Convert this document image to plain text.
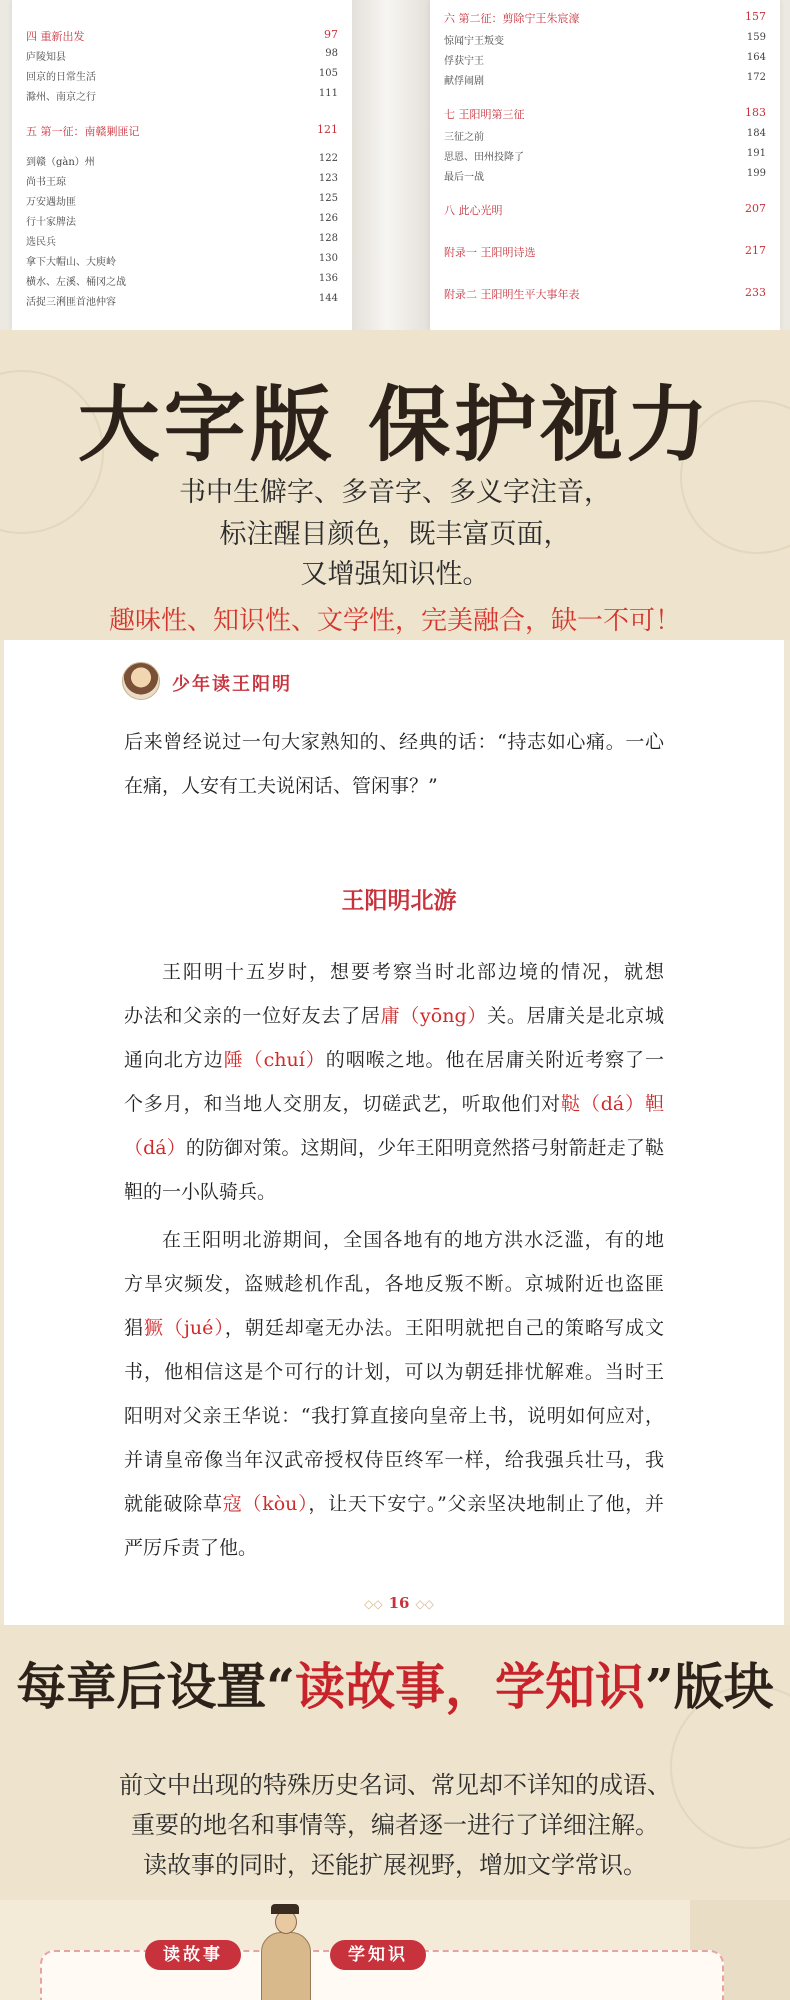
四 重新出发	97
庐陵知县	98
回京的日常生活	105
滁州、南京之行	111
五 第一征：南赣剿匪记	121
到赣（gàn）州	122
尚书王琼	123
万安遇劫匪	125
行十家牌法	126
选民兵	128
拿下大帽山、大庾岭	130
横水、左溪、桶冈之战	136
活捉三浰匪首池仲容	144
六 第二征：剪除宁王朱宸濠	157
惊闻宁王叛变	159
俘获宁王	164
献俘闹剧	172
七 王阳明第三征	183
三征之前	184
思恩、田州投降了	191
最后一战	199
八 此心光明	207
附录一 王阳明诗选	217
附录二 王阳明生平大事年表	233
大字版 保护视力
书中生僻字、多音字、多义字注音，
标注醒目颜色，既丰富页面，
又增强知识性。
趣味性、知识性、文学性，完美融合，缺一不可！
少年读王阳明
后来曾经说过一句大家熟知的、经典的话：“持志如心痛。一心
在痛，人安有工夫说闲话、管闲事？”
王阳明北游
王阳明十五岁时，想要考察当时北部边境的情况，就想
办法和父亲的一位好友去了居庸（yōng）关。居庸关是北京城
通向北方边陲（chuí）的咽喉之地。他在居庸关附近考察了一
个多月，和当地人交朋友，切磋武艺，听取他们对鞑（dá）靼
（dá）的防御对策。这期间，少年王阳明竟然搭弓射箭赶走了鞑
靼的一小队骑兵。
在王阳明北游期间，全国各地有的地方洪水泛滥，有的地
方旱灾频发，盗贼趁机作乱，各地反叛不断。京城附近也盗匪
猖獗（jué），朝廷却毫无办法。王阳明就把自己的策略写成文
书，他相信这是个可行的计划，可以为朝廷排忧解难。当时王
阳明对父亲王华说：“我打算直接向皇帝上书，说明如何应对，
并请皇帝像当年汉武帝授权侍臣终军一样，给我强兵壮马，我
就能破除草寇（kòu），让天下安宁。”父亲坚决地制止了他，并
严厉斥责了他。
◇◇ 16 ◇◇
每章后设置“读故事，学知识”版块
前文中出现的特殊历史名词、常见却不详知的成语、
重要的地名和事情等，编者逐一进行了详细注解。
读故事的同时，还能扩展视野，增加文学常识。
读故事	学知识
